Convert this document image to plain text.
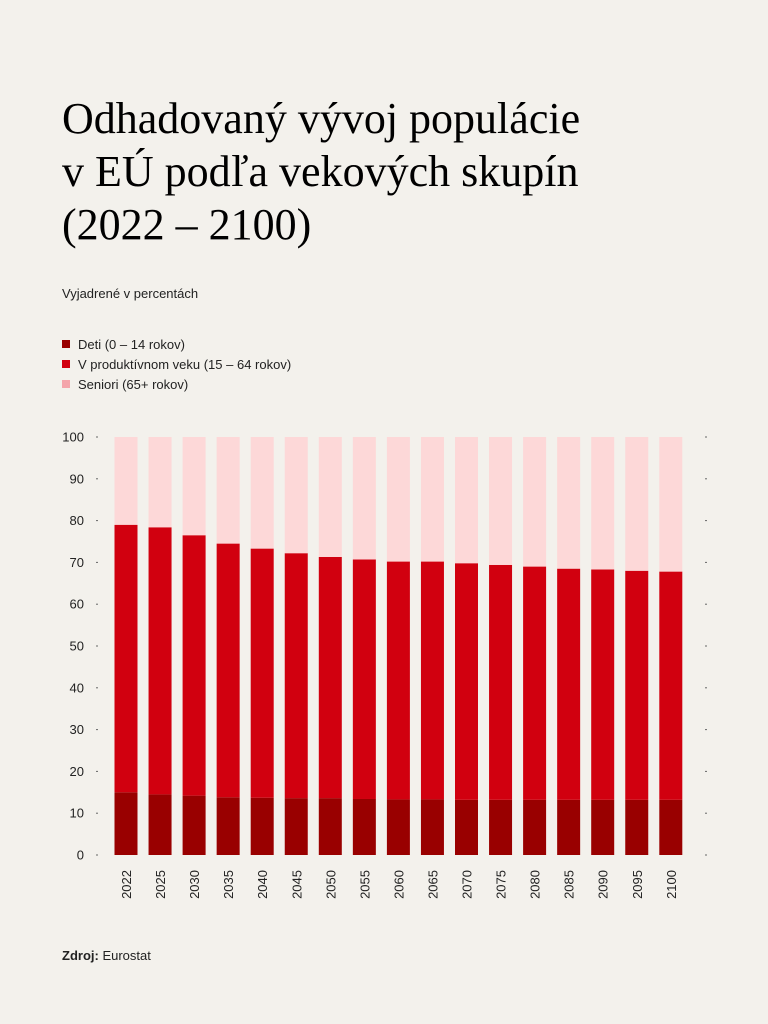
Odhadovaný vývoj populácie
v EÚ podľa vekových skupín
(2022 – 2100)
Vyjadrené v percentách
Deti (0 – 14 rokov)
V produktívnom veku (15 – 64 rokov)
Seniori (65+ rokov)
0
10
20
30
40
50
60
70
80
90
100
2022 2025 2030 2035 2040 2045 2050 2055 2060 2065 2070 2075 2080 2085 2090 2095 2100
Zdroj: Eurostat
